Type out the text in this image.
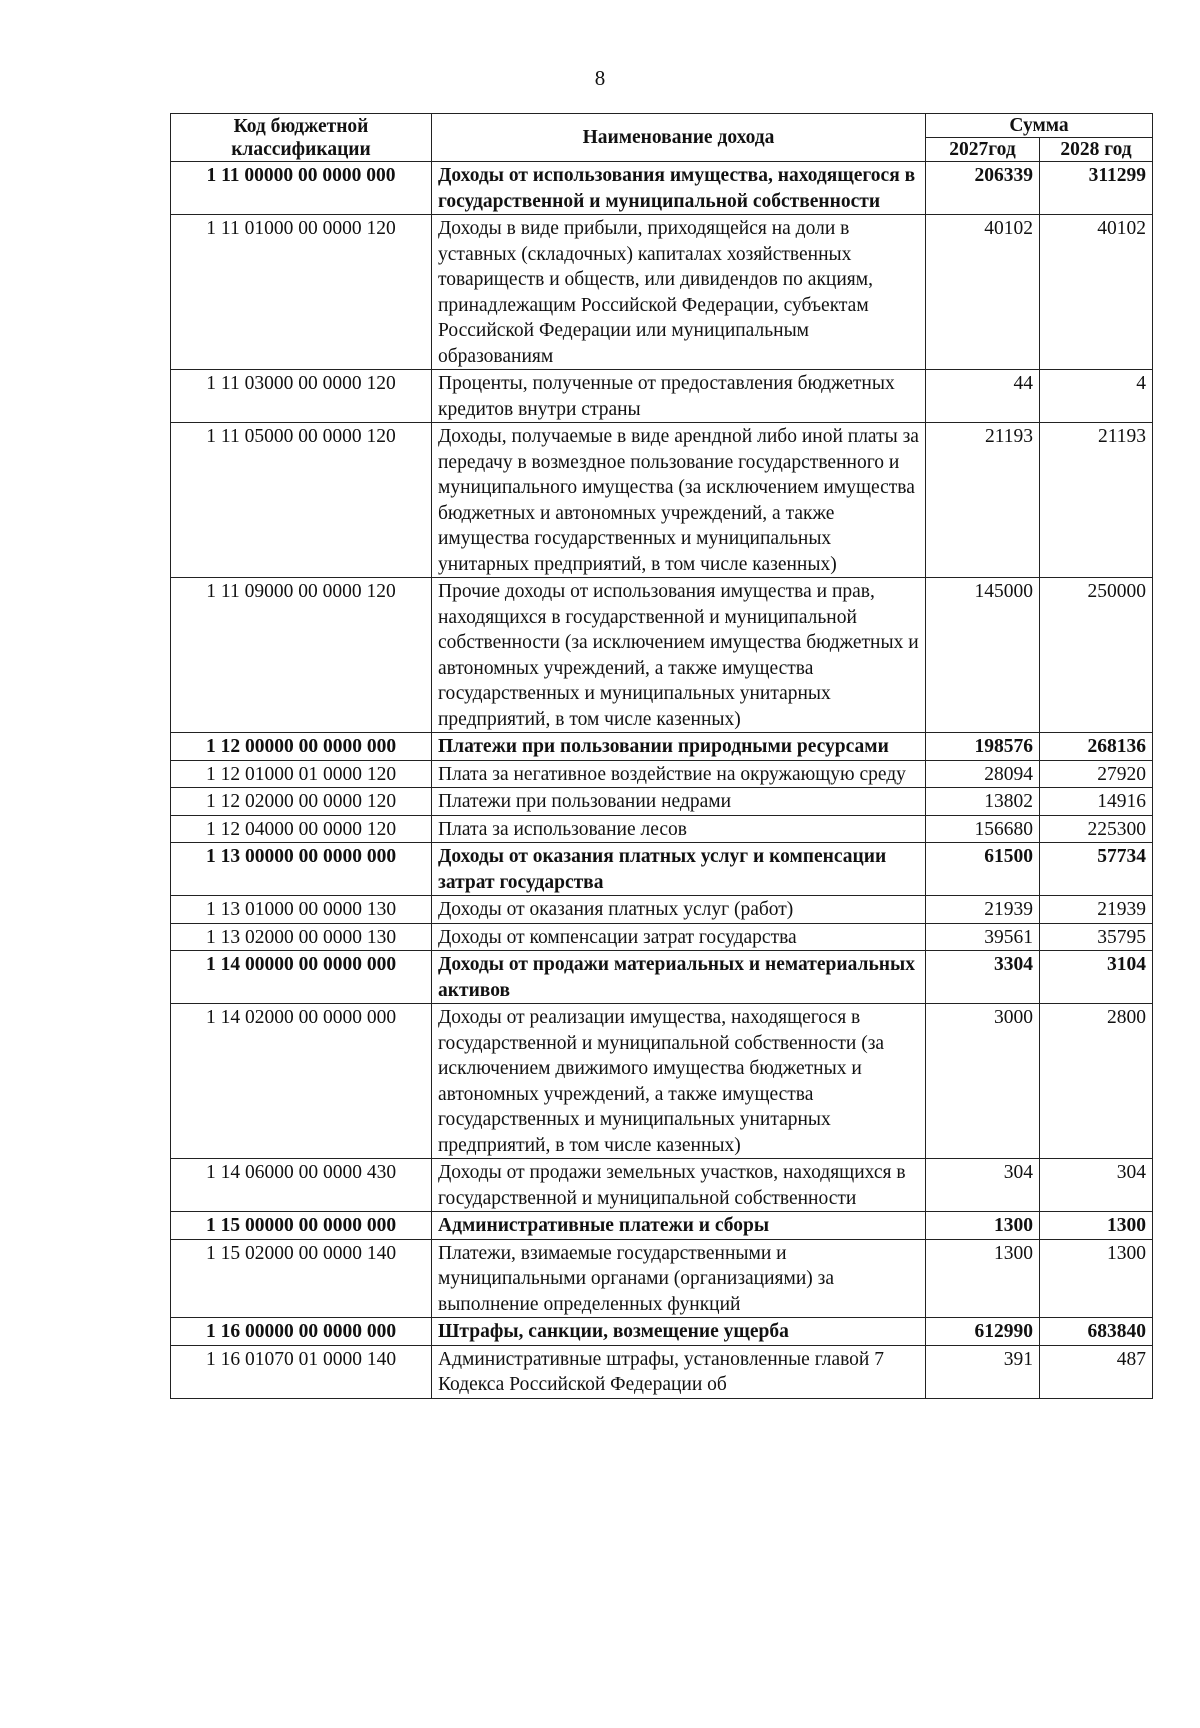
8
Код бюджетной классификации	Наименование дохода	Сумма	
		2027год	2028 год
1 11 00000 00 0000 000	Доходы от использования имущества, находящегося в государственной и муниципальной собственности	206339	311299
1 11 01000 00 0000 120	Доходы в виде прибыли, приходящейся на доли в уставных (складочных) капиталах хозяйственных товариществ и обществ, или дивидендов по акциям, принадлежащим Российской Федерации, субъектам Российской Федерации или муниципальным образованиям	40102	40102
1 11 03000 00 0000 120	Проценты, полученные от предоставления бюджетных кредитов внутри страны	44	4
1 11 05000 00 0000 120	Доходы, получаемые в виде арендной либо иной платы за передачу в возмездное пользование государственного и муниципального имущества (за исключением имущества бюджетных и автономных учреждений, а также имущества государственных и муниципальных унитарных предприятий, в том числе казенных)	21193	21193
1 11 09000 00 0000 120	Прочие доходы от использования имущества и прав, находящихся в государственной и муниципальной собственности (за исключением имущества бюджетных и автономных учреждений, а также имущества государственных и муниципальных унитарных предприятий, в том числе казенных)	145000	250000
1 12 00000 00 0000 000	Платежи при пользовании природными ресурсами	198576	268136
1 12 01000 01 0000 120	Плата за негативное воздействие на окружающую среду	28094	27920
1 12 02000 00 0000 120	Платежи при пользовании недрами	13802	14916
1 12 04000 00 0000 120	Плата за использование лесов	156680	225300
1 13 00000 00 0000 000	Доходы от оказания платных услуг и компенсации затрат государства	61500	57734
1 13 01000 00 0000 130	Доходы от оказания платных услуг (работ)	21939	21939
1 13 02000 00 0000 130	Доходы от компенсации затрат государства	39561	35795
1 14 00000 00 0000 000	Доходы от продажи материальных и нематериальных активов	3304	3104
1 14 02000 00 0000 000	Доходы от реализации имущества, находящегося в государственной и муниципальной собственности (за исключением движимого имущества бюджетных и автономных учреждений, а также имущества государственных и муниципальных унитарных предприятий, в том числе казенных)	3000	2800
1 14 06000 00 0000 430	Доходы от продажи земельных участков, находящихся в государственной и муниципальной собственности	304	304
1 15 00000 00 0000 000	Административные платежи и сборы	1300	1300
1 15 02000 00 0000 140	Платежи, взимаемые государственными и муниципальными органами (организациями) за выполнение определенных функций	1300	1300
1 16 00000 00 0000 000	Штрафы, санкции, возмещение ущерба	612990	683840
1 16 01070 01 0000 140	Административные штрафы, установленные главой 7 Кодекса Российской Федерации об	391	487
